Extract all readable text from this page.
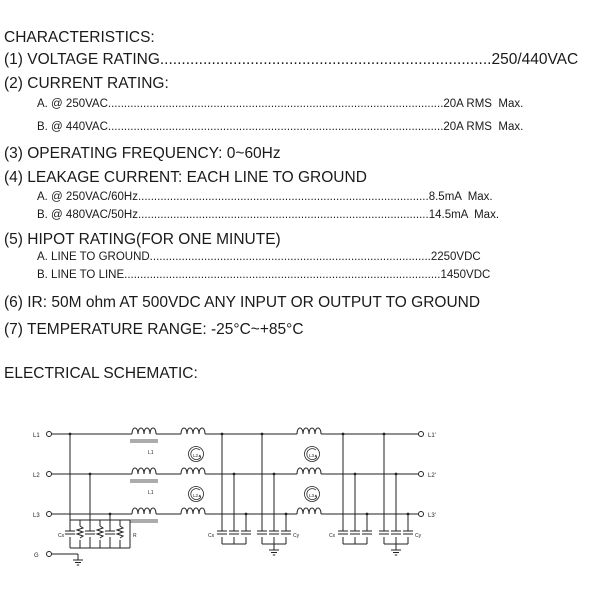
CHARACTERISTICS:
(1) VOLTAGE RATING.............................................................................250/440VAC
(2) CURRENT RATING:
A. @ 250VAC.........................................................................................................20A RMS  Max.
B. @ 440VAC.........................................................................................................20A RMS  Max.
(3) OPERATING FREQUENCY: 0~60Hz
(4) LEAKAGE CURRENT: EACH LINE TO GROUND
A. @ 250VAC/60Hz...........................................................................................8.5mA  Max.
B. @ 480VAC/50Hz...........................................................................................14.5mA  Max.
(5) HIPOT RATING(FOR ONE MINUTE)
A. LINE TO GROUND........................................................................................2250VDC
B. LINE TO LINE...................................................................................................1450VDC
(6) IR: 50M ohm AT 500VDC ANY INPUT OR OUTPUT TO GROUND
(7) TEMPERATURE RANGE: -25°C~+85°C
ELECTRICAL SCHEMATIC:
L1
L2
L3
G
L1'
L2'
L3'
L1
L1
L2
L2
L3
L3
Cx	R	Cx	Cy	Cx	Cy
